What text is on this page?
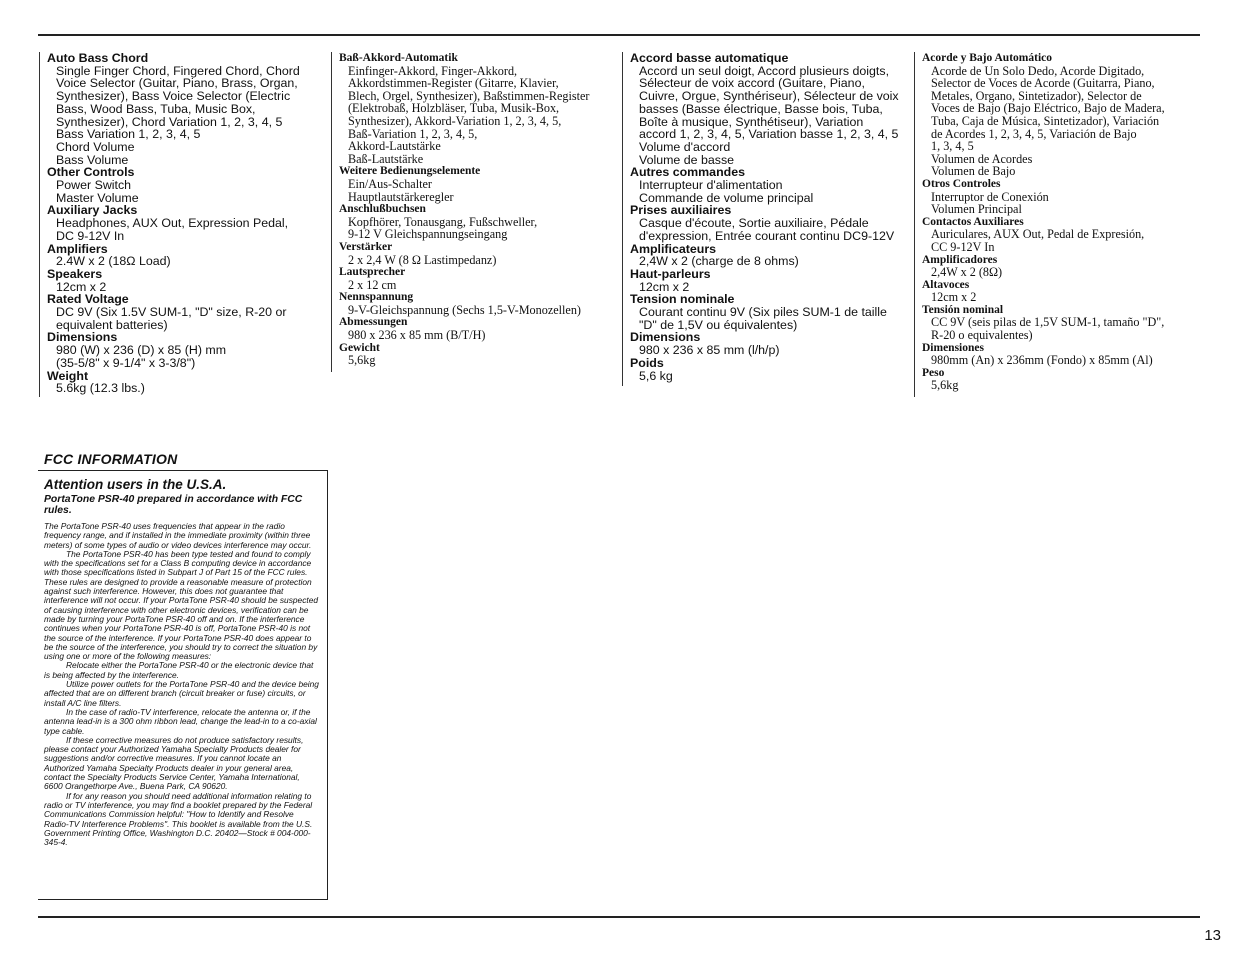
Auto Bass Chord
Single Finger Chord, Fingered Chord, Chord
Voice Selector (Guitar, Piano, Brass, Organ,
Synthesizer), Bass Voice Selector (Electric
Bass, Wood Bass, Tuba, Music Box,
Synthesizer), Chord Variation 1, 2, 3, 4, 5
Bass Variation 1, 2, 3, 4, 5
Chord Volume
Bass Volume
Other Controls
Power Switch
Master Volume
Auxiliary Jacks
Headphones, AUX Out, Expression Pedal,
DC 9-12V In
Amplifiers
2.4W x 2 (18Ω Load)
Speakers
12cm x 2
Rated Voltage
DC 9V (Six 1.5V SUM-1, "D" size, R-20 or
equivalent batteries)
Dimensions
980 (W) x 236 (D) x 85 (H) mm
(35-5/8" x 9-1/4" x 3-3/8")
Weight
5.6kg (12.3 lbs.)
Baß-Akkord-Automatik
Einfinger-Akkord, Finger-Akkord,
Akkordstimmen-Register (Gitarre, Klavier,
Blech, Orgel, Synthesizer), Baßstimmen-Register
(Elektrobaß, Holzbläser, Tuba, Musik-Box,
Synthesizer), Akkord-Variation 1, 2, 3, 4, 5,
Baß-Variation 1, 2, 3, 4, 5,
Akkord-Lautstärke
Baß-Lautstärke
Weitere Bedienungselemente
Ein/Aus-Schalter
Hauptlautstärkeregler
Anschlußbuchsen
Kopfhörer, Tonausgang, Fußschweller,
9-12 V Gleichspannungseingang
Verstärker
2 x 2,4 W (8 Ω Lastimpedanz)
Lautsprecher
2 x 12 cm
Nennspannung
9-V-Gleichspannung (Sechs 1,5-V-Monozellen)
Abmessungen
980 x 236 x 85 mm (B/T/H)
Gewicht
5,6kg
Accord basse automatique
Accord un seul doigt, Accord plusieurs doigts,
Sélecteur de voix accord (Guitare, Piano,
Cuivre, Orgue, Synthériseur), Sélecteur de voix
basses (Basse électrique, Basse bois, Tuba,
Boîte à musique, Synthétiseur), Variation
accord 1, 2, 3, 4, 5, Variation basse 1, 2, 3, 4, 5
Volume d'accord
Volume de basse
Autres commandes
Interrupteur d'alimentation
Commande de volume principal
Prises auxiliaires
Casque d'écoute, Sortie auxiliaire, Pédale
d'expression, Entrée courant continu DC9-12V
Amplificateurs
2,4W x 2 (charge de 8 ohms)
Haut-parleurs
12cm x 2
Tension nominale
Courant continu 9V (Six piles SUM-1 de taille
"D" de 1,5V ou équivalentes)
Dimensions
980 x 236 x 85 mm (l/h/p)
Poids
5,6 kg
Acorde y Bajo Automático
Acorde de Un Solo Dedo, Acorde Digitado,
Selector de Voces de Acorde (Guitarra, Piano,
Metales, Organo, Sintetizador), Selector de
Voces de Bajo (Bajo Eléctrico, Bajo de Madera,
Tuba, Caja de Música, Sintetizador), Variación
de Acordes 1, 2, 3, 4, 5, Variación de Bajo
1, 3, 4, 5
Volumen de Acordes
Volumen de Bajo
Otros Controles
Interruptor de Conexión
Volumen Principal
Contactos Auxiliares
Auriculares, AUX Out, Pedal de Expresión,
CC 9-12V In
Amplificadores
2,4W x 2 (8Ω)
Altavoces
12cm x 2
Tensión nominal
CC 9V (seis pilas de 1,5V SUM-1, tamaño "D",
R-20 o equivalentes)
Dimensiones
980mm (An) x 236mm (Fondo) x 85mm (Al)
Peso
5,6kg
FCC INFORMATION
Attention users in the U.S.A.
PortaTone PSR-40 prepared in accordance with FCC rules.

The PortaTone PSR-40 uses frequencies that appear in the radio frequency range, and if installed in the immediate proximity (within three meters) of some types of audio or video devices interference may occur.

The PortaTone PSR-40 has been type tested and found to comply with the specifications set for a Class B computing device in accordance with those specifications listed in Subpart J of Part 15 of the FCC rules. These rules are designed to provide a reasonable measure of protection against such interference. However, this does not guarantee that interference will not occur. If your PortaTone PSR-40 should be suspected of causing interference with other electronic devices, verification can be made by turning your PortaTone PSR-40 off and on. If the interference continues when your PortaTone PSR-40 is off, PortaTone PSR-40 is not the source of the interference. If your PortaTone PSR-40 does appear to be the source of the interference, you should try to correct the situation by using one or more of the following measures:

Relocate either the PortaTone PSR-40 or the electronic device that is being affected by the interference.

Utilize power outlets for the PortaTone PSR-40 and the device being affected that are on different branch (circuit breaker or fuse) circuits, or install A/C line filters.

In the case of radio-TV interference, relocate the antenna or, if the antenna lead-in is a 300 ohm ribbon lead, change the lead-in to a co-axial type cable.

If these corrective measures do not produce satisfactory results, please contact your Authorized Yamaha Specialty Products dealer for suggestions and/or corrective measures. If you cannot locate an Authorized Yamaha Specialty Products dealer in your general area, contact the Specialty Products Service Center, Yamaha International, 6600 Orangethorpe Ave., Buena Park, CA 90620.

If for any reason you should need additional information relating to radio or TV interference, you may find a booklet prepared by the Federal Communications Commission helpful: "How to Identify and Resolve Radio-TV Interference Problems". This booklet is available from the U.S. Government Printing Office, Washington D.C. 20402—Stock # 004-000-345-4.

13
